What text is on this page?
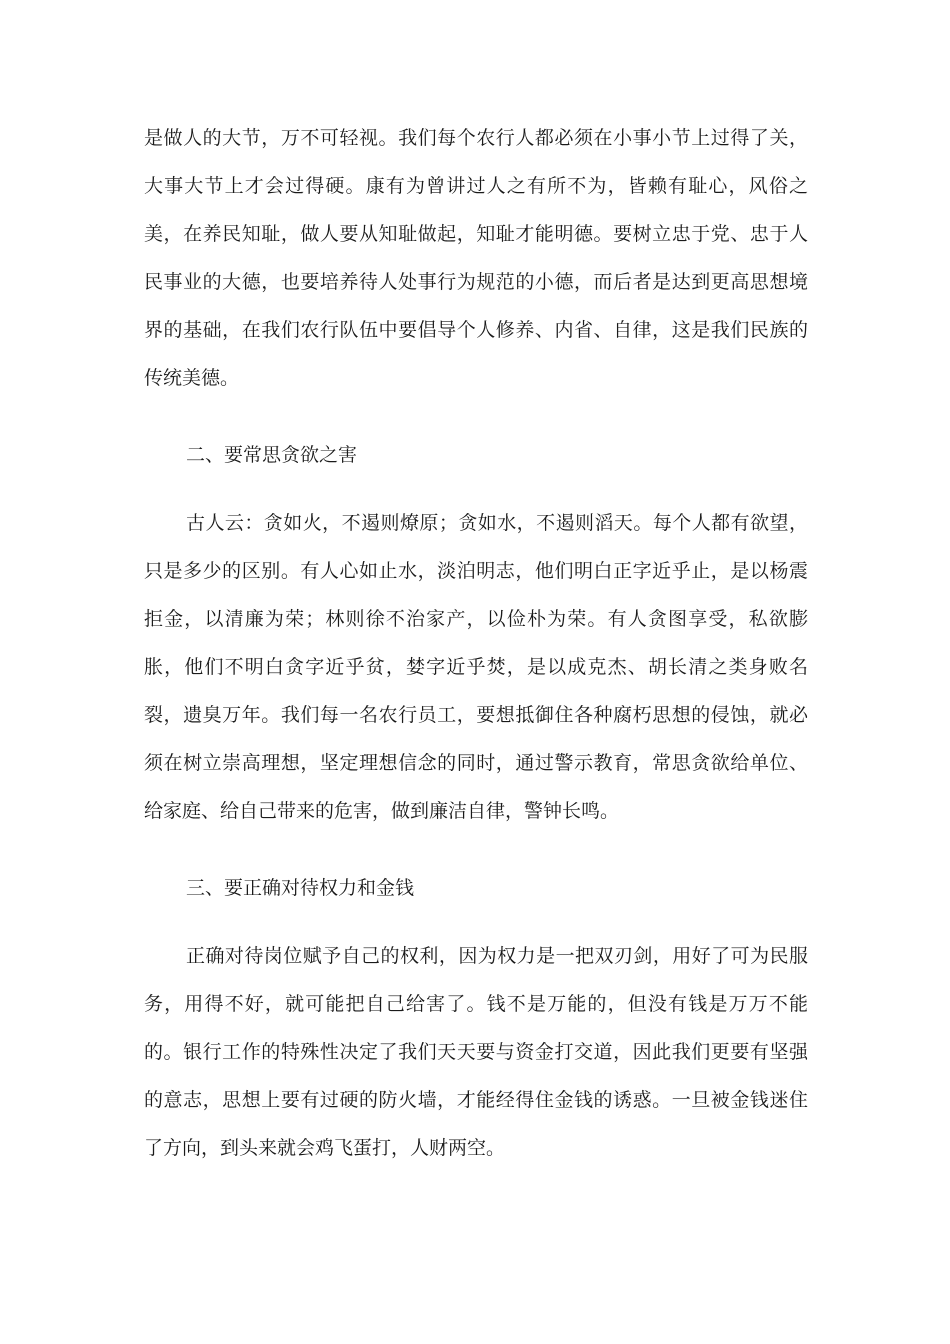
是做人的大节，万不可轻视。我们每个农行人都必须在小事小节上过得了关，
大事大节上才会过得硬。康有为曾讲过人之有所不为，皆赖有耻心，风俗之
美，在养民知耻，做人要从知耻做起，知耻才能明德。要树立忠于党、忠于人
民事业的大德，也要培养待人处事行为规范的小德，而后者是达到更高思想境
界的基础，在我们农行队伍中要倡导个人修养、内省、自律，这是我们民族的
传统美德。
二、要常思贪欲之害
古人云：贪如火，不遏则燎原；贪如水，不遏则滔天。每个人都有欲望，
只是多少的区别。有人心如止水，淡泊明志，他们明白正字近乎止，是以杨震
拒金，以清廉为荣；林则徐不治家产，以俭朴为荣。有人贪图享受，私欲膨
胀，他们不明白贪字近乎贫，婪字近乎焚，是以成克杰、胡长清之类身败名
裂，遗臭万年。我们每一名农行员工，要想抵御住各种腐朽思想的侵蚀，就必
须在树立崇高理想，坚定理想信念的同时，通过警示教育，常思贪欲给单位、
给家庭、给自己带来的危害，做到廉洁自律，警钟长鸣。
三、要正确对待权力和金钱
正确对待岗位赋予自己的权利，因为权力是一把双刃剑，用好了可为民服
务，用得不好，就可能把自己给害了。钱不是万能的，但没有钱是万万不能
的。银行工作的特殊性决定了我们天天要与资金打交道，因此我们更要有坚强
的意志，思想上要有过硬的防火墙，才能经得住金钱的诱惑。一旦被金钱迷住
了方向，到头来就会鸡飞蛋打，人财两空。
